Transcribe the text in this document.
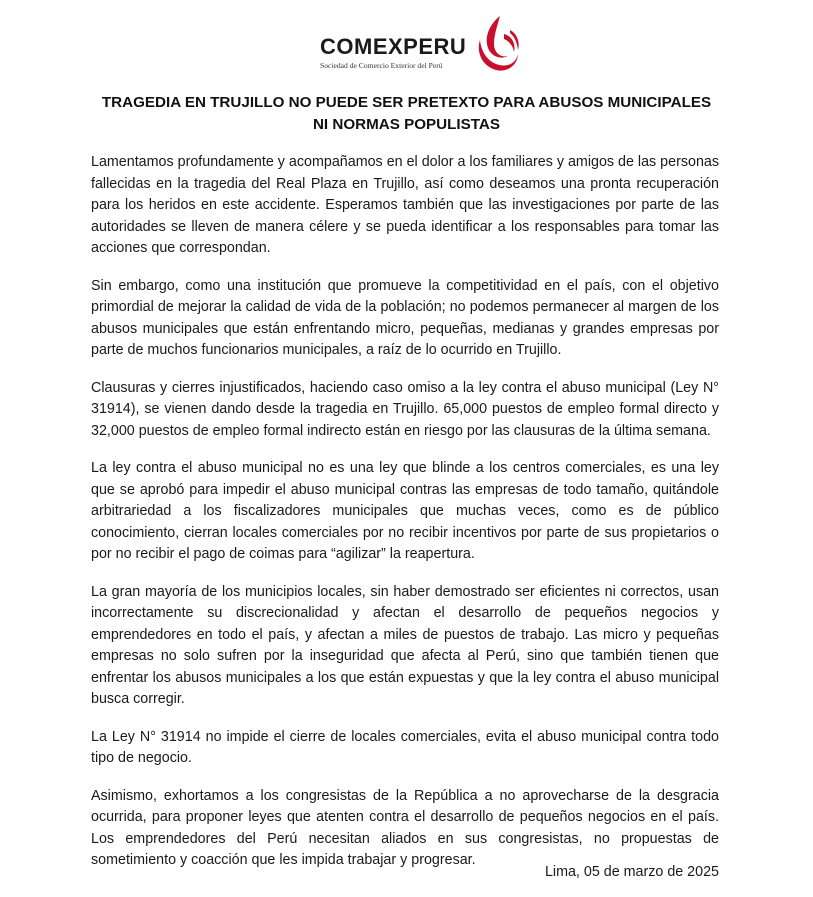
COMEXPERU
Sociedad de Comercio Exterior del Perú
TRAGEDIA EN TRUJILLO NO PUEDE SER PRETEXTO PARA ABUSOS MUNICIPALES
NI NORMAS POPULISTAS

Lamentamos profundamente y acompañamos en el dolor a los familiares y amigos de las personas fallecidas en la tragedia del Real Plaza en Trujillo, así como deseamos una pronta recuperación para los heridos en este accidente. Esperamos también que las investigaciones por parte de las autoridades se lleven de manera célere y se pueda identificar a los responsables para tomar las acciones que correspondan.

Sin embargo, como una institución que promueve la competitividad en el país, con el objetivo primordial de mejorar la calidad de vida de la población; no podemos permanecer al margen de los abusos municipales que están enfrentando micro, pequeñas, medianas y grandes empresas por parte de muchos funcionarios municipales, a raíz de lo ocurrido en Trujillo.

Clausuras y cierres injustificados, haciendo caso omiso a la ley contra el abuso municipal (Ley N° 31914), se vienen dando desde la tragedia en Trujillo. 65,000 puestos de empleo formal directo y 32,000 puestos de empleo formal indirecto están en riesgo por las clausuras de la última semana.

La ley contra el abuso municipal no es una ley que blinde a los centros comerciales, es una ley que se aprobó para impedir el abuso municipal contras las empresas de todo tamaño, quitándole arbitrariedad a los fiscalizadores municipales que muchas veces, como es de público conocimiento, cierran locales comerciales por no recibir incentivos por parte de sus propietarios o por no recibir el pago de coimas para “agilizar” la reapertura.

La gran mayoría de los municipios locales, sin haber demostrado ser eficientes ni correctos, usan incorrectamente su discrecionalidad y afectan el desarrollo de pequeños negocios y emprendedores en todo el país, y afectan a miles de puestos de trabajo. Las micro y pequeñas empresas no solo sufren por la inseguridad que afecta al Perú, sino que también tienen que enfrentar los abusos municipales a los que están expuestas y que la ley contra el abuso municipal busca corregir.

La Ley N° 31914 no impide el cierre de locales comerciales, evita el abuso municipal contra todo tipo de negocio.

Asimismo, exhortamos a los congresistas de la República a no aprovecharse de la desgracia ocurrida, para proponer leyes que atenten contra el desarrollo de pequeños negocios en el país. Los emprendedores del Perú necesitan aliados en sus congresistas, no propuestas de sometimiento y coacción que les impida trabajar y progresar.

Lima, 05 de marzo de 2025
